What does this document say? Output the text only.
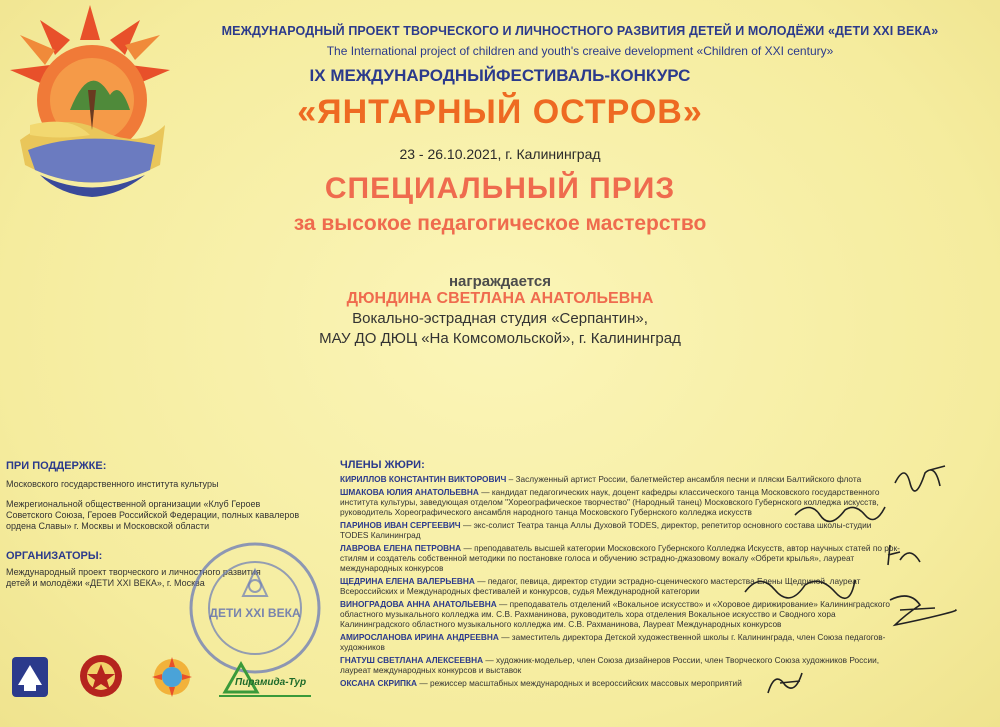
МЕЖДУНАРОДНЫЙ ПРОЕКТ ТВОРЧЕСКОГО И ЛИЧНОСТНОГО РАЗВИТИЯ ДЕТЕЙ И МОЛОДЁЖИ «ДЕТИ XXI ВЕКА»
The International project of children and youth's creaive development «Children of XXI century»
IX МЕЖДУНАРОДНЫЙФЕСТИВАЛЬ-КОНКУРС
«ЯНТАРНЫЙ ОСТРОВ»
23 - 26.10.2021, г. Калининград
СПЕЦИАЛЬНЫЙ ПРИЗ
за высокое педагогическое мастерство
награждается
ДЮНДИНА СВЕТЛАНА АНАТОЛЬЕВНА
Вокально-эстрадная студия «Серпантин»,
МАУ ДО ДЮЦ «На Комсомольской», г. Калининград
ПРИ ПОДДЕРЖКЕ:
Московского государственного института культуры
Межрегиональной общественной организации «Клуб Героев Советского Союза, Героев Российской Федерации, полных кавалеров ордена Славы» г. Москвы и Московской области
ОРГАНИЗАТОРЫ:
Международный проект творческого и личностного развития детей и молодёжи «ДЕТИ XXI ВЕКА», г. Москва
ДЕТИ XXI ВЕКА
Пирамида-Тур
ЧЛЕНЫ ЖЮРИ:
КИРИЛЛОВ КОНСТАНТИН ВИКТОРОВИЧ – Заслуженный артист России, балетмейстер ансамбля песни и пляски Балтийского флота
ШМАКОВА ЮЛИЯ АНАТОЛЬЕВНА — кандидат педагогических наук, доцент кафедры классического танца Московского государственного института культуры, заведующая отделом "Хореографическое творчество" (Народный танец) Московского Губернского колледжа искусств, руководитель Хореографического ансамбля народного танца Московского Губернского колледжа искусств
ПАРИНОВ ИВАН СЕРГЕЕВИЧ — экс-солист Театра танца Аллы Духовой TODES, директор, репетитор основного состава школы-студии TODES Калининград
ЛАВРОВА ЕЛЕНА ПЕТРОВНА — преподаватель высшей категории Московского Губернского Колледжа Искусств, автор научных статей по рок-стилям и создатель собственной методики по постановке голоса и обучению эстрадно-джазовому вокалу «Обрети крылья», лауреат международных конкурсов
ЩЕДРИНА ЕЛЕНА ВАЛЕРЬЕВНА — педагог, певица, директор студии эстрадно-сценического мастерства Елены Щедриной, лауреат Всероссийских и Международных фестивалей и конкурсов, судья Международной категории
ВИНОГРАДОВА АННА АНАТОЛЬЕВНА — преподаватель отделений «Вокальное искусство» и «Хоровое дирижирование» Калининградского областного музыкального колледжа им. С.В. Рахманинова, руководитель хора отделения Вокальное искусство и Сводного хора Калининградского областного музыкального колледжа им. С.В. Рахманинова, Лауреат Международных конкурсов
АМИРОСЛАНОВА ИРИНА АНДРЕЕВНА — заместитель директора Детской художественной школы г. Калининграда, член Союза педагогов-художников
ГНАТУШ СВЕТЛАНА АЛЕКСЕЕВНА — художник-модельер, член Союза дизайнеров России, член Творческого Союза художников России, лауреат международных конкурсов и выставок
ОКСАНА СКРИПКА — режиссер масштабных международных и всероссийских массовых мероприятий
